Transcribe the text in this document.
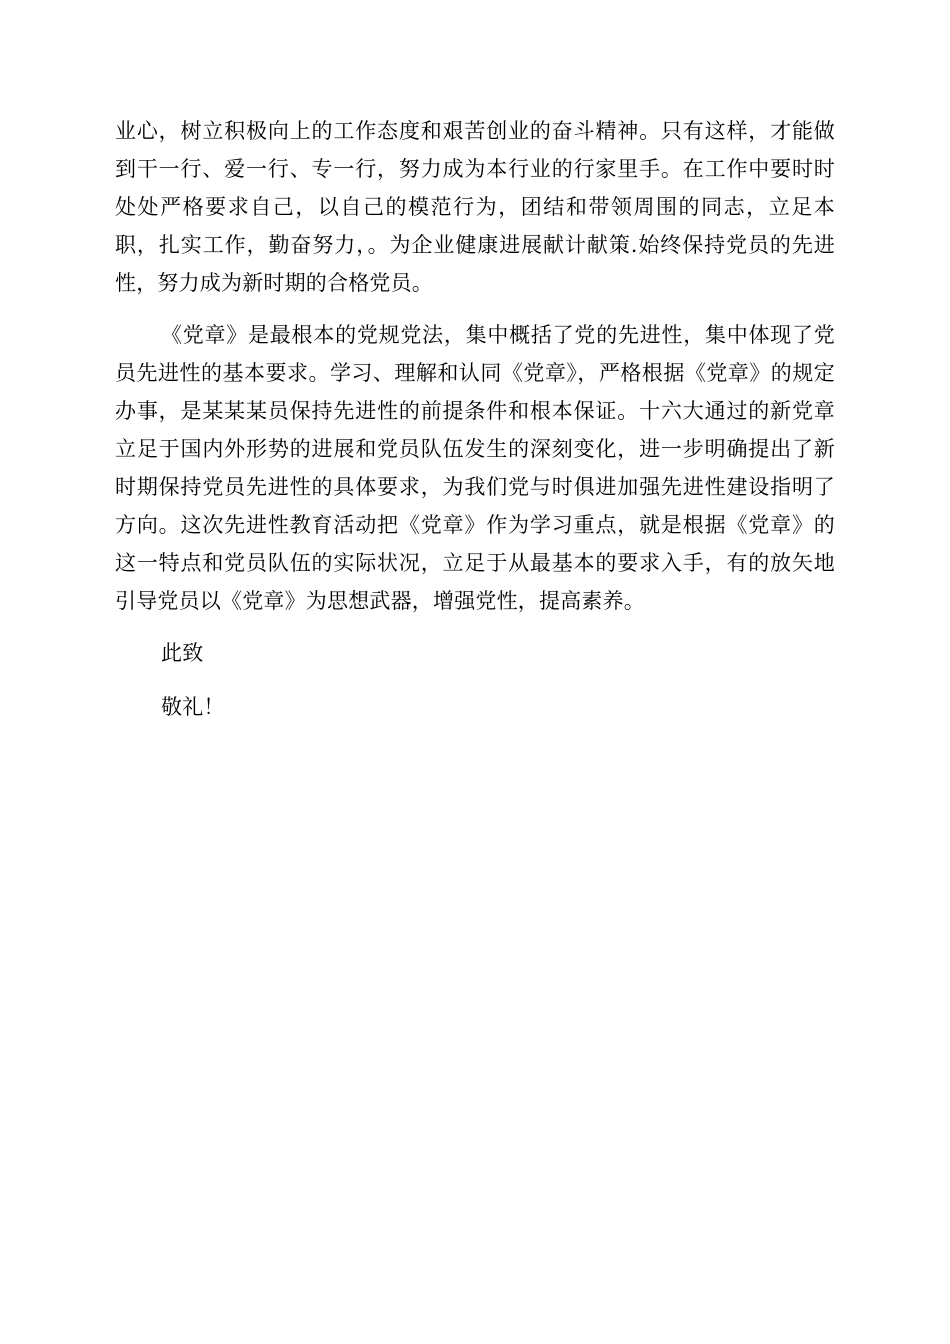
业心，树立积极向上的工作态度和艰苦创业的奋斗精神。只有这样，才能做到干一行、爱一行、专一行，努力成为本行业的行家里手。在工作中要时时处处严格要求自己，以自己的模范行为，团结和带领周围的同志，立足本职，扎实工作，勤奋努力，。为企业健康进展献计献策.始终保持党员的先进性，努力成为新时期的合格党员。

《党章》是最根本的党规党法，集中概括了党的先进性，集中体现了党员先进性的基本要求。学习、理解和认同《党章》，严格根据《党章》的规定办事，是某某某员保持先进性的前提条件和根本保证。十六大通过的新党章立足于国内外形势的进展和党员队伍发生的深刻变化，进一步明确提出了新时期保持党员先进性的具体要求，为我们党与时俱进加强先进性建设指明了方向。这次先进性教育活动把《党章》作为学习重点，就是根据《党章》的这一特点和党员队伍的实际状况，立足于从最基本的要求入手，有的放矢地引导党员以《党章》为思想武器，增强党性，提高素养。

此致

敬礼！
